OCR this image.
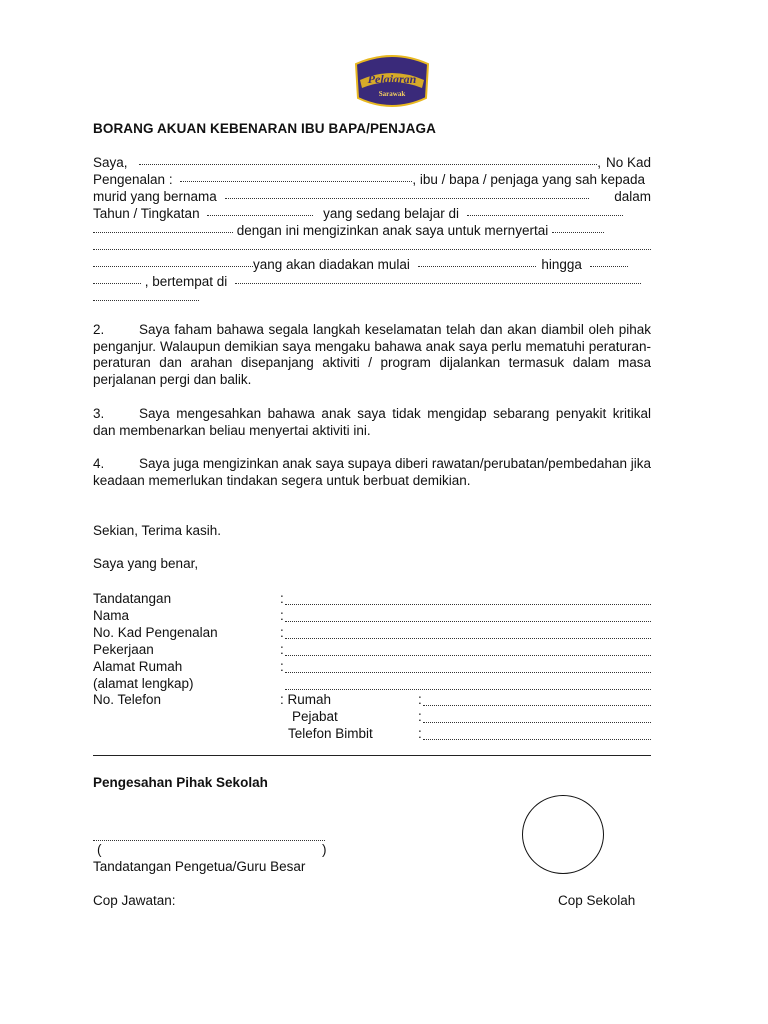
Pelajaran
Sarawak
BORANG AKUAN KEBENARAN IBU BAPA/PENJAGA
Saya,	, No Kad
Pengenalan :	, ibu / bapa / penjaga yang sah kepada
murid yang bernama	dalam
Tahun / Tingkatan	yang sedang belajar di
dengan ini mengizinkan anak saya untuk mernyertai
yang akan diadakan mulai	hingga
, bertempat di
2.	Saya faham bahawa segala langkah keselamatan telah dan akan diambil oleh pihak penganjur. Walaupun demikian saya mengaku bahawa anak saya perlu mematuhi peraturan-peraturan dan arahan disepanjang aktiviti / program dijalankan termasuk dalam masa perjalanan pergi dan balik.
3.	Saya mengesahkan bahawa anak saya tidak mengidap sebarang penyakit kritikal dan membenarkan beliau menyertai aktiviti ini.
4.	Saya juga mengizinkan anak saya supaya diberi rawatan/perubatan/pembedahan jika keadaan memerlukan tindakan segera untuk berbuat demikian.
Sekian, Terima kasih.
Saya yang benar,
Tandatangan	:
Nama	:
No. Kad Pengenalan	:
Pekerjaan	:
Alamat Rumah	:
(alamat lengkap)
No. Telefon	: Rumah	:
Pejabat	:
Telefon Bimbit	:
Pengesahan Pihak Sekolah
(	)
Tandatangan Pengetua/Guru Besar
Cop Jawatan:	Cop Sekolah
